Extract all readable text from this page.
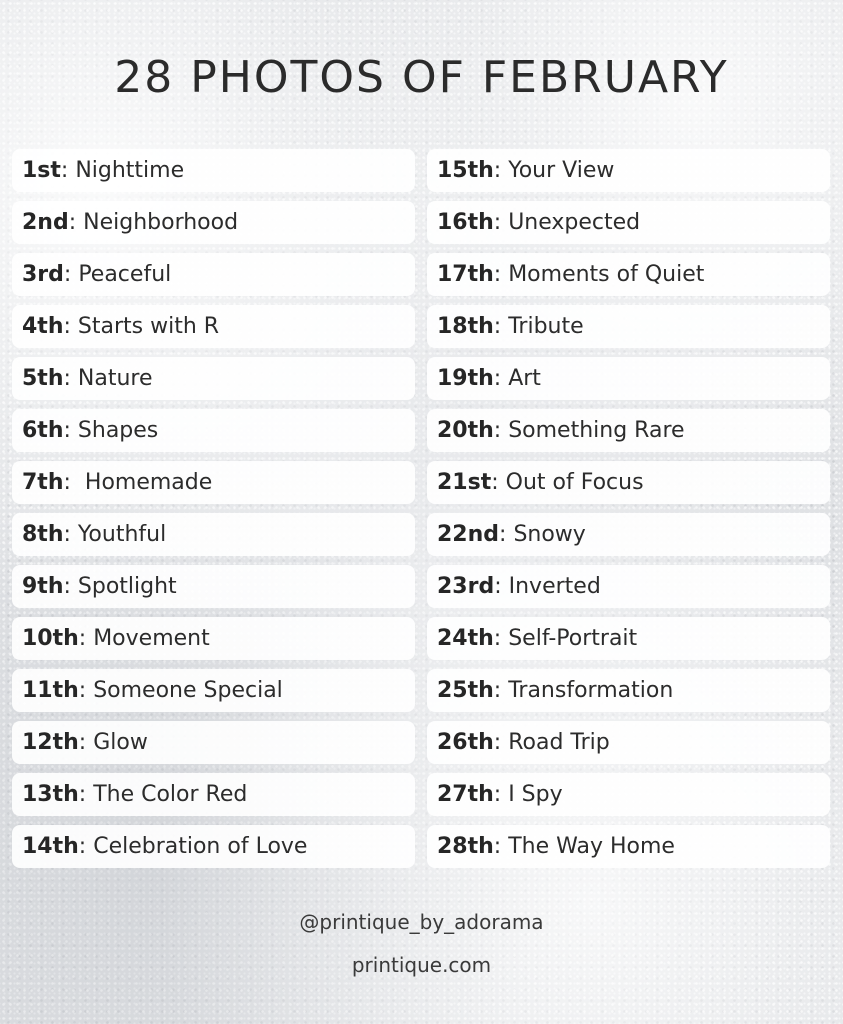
28 PHOTOS OF FEBRUARY
1st : Nighttime
2nd : Neighborhood
3rd : Peaceful
4th : Starts with R
5th : Nature
6th : Shapes
7th : Homemade
8th : Youthful
9th : Spotlight
10th : Movement
11th : Someone Special
12th : Glow
13th : The Color Red
14th : Celebration of Love
15th : Your View
16th : Unexpected
17th : Moments of Quiet
18th : Tribute
19th : Art
20th : Something Rare
21st : Out of Focus
22nd : Snowy
23rd : Inverted
24th : Self-Portrait
25th : Transformation
26th : Road Trip
27th : I Spy
28th : The Way Home
@printique_by_adorama
printique.com
